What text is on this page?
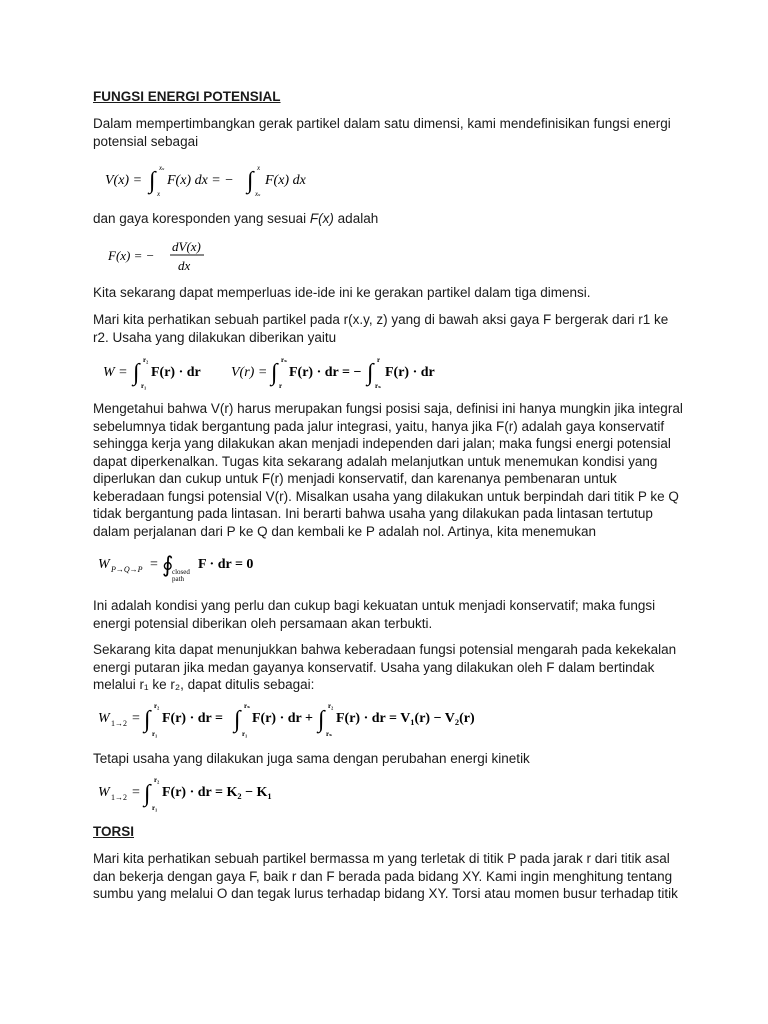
FUNGSI ENERGI POTENSIAL

Dalam mempertimbangkan gerak partikel dalam satu dimensi, kami mendefinisikan fungsi energi potensial sebagai

V(x) = ∫ xₛ
x
F(x) dx = − ∫ x
xₛ
F(x) dx
dan gaya koresponden yang sesuai F(x) adalah
F(x) = −
dV(x)
dx

Kita sekarang dapat memperluas ide-ide ini ke gerakan partikel dalam tiga dimensi.

Mari kita perhatikan sebuah partikel pada r(x.y, z) yang di bawah aksi gaya F bergerak dari r1 ke r2. Usaha yang dilakukan diberikan yaitu

W = ∫ r₂
r₁
F(r) · dr V(r) = ∫ rₛ
r
F(r) · dr = − ∫ r
rₛ
F(r) · dr

Mengetahui bahwa V(r) harus merupakan fungsi posisi saja, definisi ini hanya mungkin jika integral sebelumnya tidak bergantung pada jalur integrasi, yaitu, hanya jika F(r) adalah gaya konservatif sehingga kerja yang dilakukan akan menjadi independen dari jalan; maka fungsi energi potensial dapat diperkenalkan. Tugas kita sekarang adalah melanjutkan untuk menemukan kondisi yang diperlukan dan cukup untuk F(r) menjadi konservatif, dan karenanya pembenaran untuk keberadaan fungsi potensial V(r). Misalkan usaha yang dilakukan untuk berpindah dari titik P ke Q tidak bergantung pada lintasan. Ini berarti bahwa usaha yang dilakukan pada lintasan tertutup dalam perjalanan dari P ke Q dan kembali ke P adalah nol. Artinya, kita menemukan

W P→Q→P = ∮
closed
path
F · dr = 0

Ini adalah kondisi yang perlu dan cukup bagi kekuatan untuk menjadi konservatif; maka fungsi energi potensial diberikan oleh persamaan akan terbukti.

Sekarang kita dapat menunjukkan bahwa keberadaan fungsi potensial mengarah pada kekekalan energi putaran jika medan gayanya konservatif. Usaha yang dilakukan oleh F dalam bertindak melalui r₁ ke r₂, dapat ditulis sebagai:

W 1→2 = ∫
r₂
r₁
F(r) · dr = ∫
rₛ
r₁
F(r) · dr + ∫
r₂
rₛ
F(r) · dr = V₁(r) − V₂(r)

Tetapi usaha yang dilakukan juga sama dengan perubahan energi kinetik

W 1→2 = ∫
r₂
r₁
F(r) · dr = K₂ − K₁
TORSI

Mari kita perhatikan sebuah partikel bermassa m yang terletak di titik P pada jarak r dari titik asal dan bekerja dengan gaya F, baik r dan F berada pada bidang XY. Kami ingin menghitung tentang sumbu yang melalui O dan tegak lurus terhadap bidang XY. Torsi atau momen busur terhadap titik
